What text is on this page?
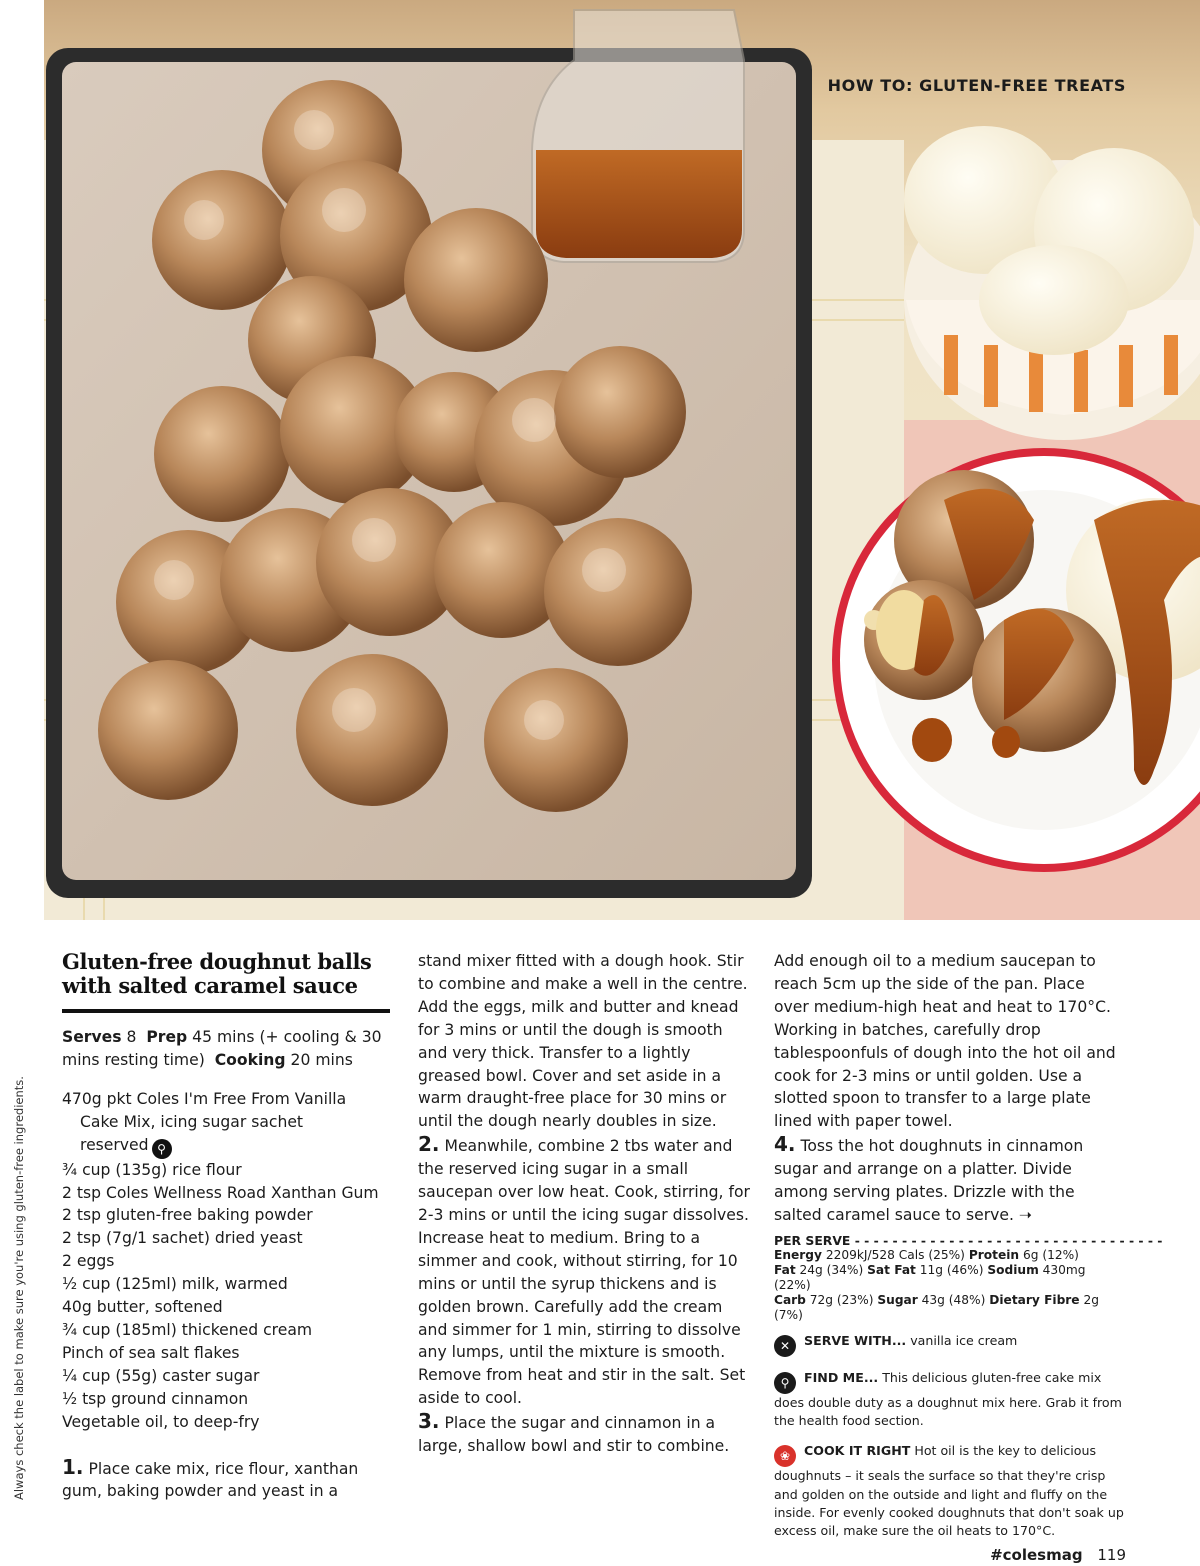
HOW TO: GLUTEN-FREE TREATS
Always check the label to make sure you're using gluten-free ingredients.
Gluten-free doughnut balls
with salted caramel sauce
Serves 8 Prep 45 mins (+ cooling & 30 mins resting time) Cooking 20 mins
470g pkt Coles I'm Free From Vanilla
Cake Mix, icing sugar sachet
reserved ⚲
¾ cup (135g) rice flour
2 tsp Coles Wellness Road Xanthan Gum
2 tsp gluten-free baking powder
2 tsp (7g/1 sachet) dried yeast
2 eggs
½ cup (125ml) milk, warmed
40g butter, softened
¾ cup (185ml) thickened cream
Pinch of sea salt flakes
¼ cup (55g) caster sugar
½ tsp ground cinnamon
Vegetable oil, to deep-fry

1. Place cake mix, rice flour, xanthan gum, baking powder and yeast in a

stand mixer fitted with a dough hook. Stir to combine and make a well in the centre. Add the eggs, milk and butter and knead for 3 mins or until the dough is smooth and very thick. Transfer to a lightly greased bowl. Cover and set aside in a warm draught-free place for 30 mins or until the dough nearly doubles in size.

2. Meanwhile, combine 2 tbs water and the reserved icing sugar in a small saucepan over low heat. Cook, stirring, for 2-3 mins or until the icing sugar dissolves. Increase heat to medium. Bring to a simmer and cook, without stirring, for 10 mins or until the syrup thickens and is golden brown. Carefully add the cream and simmer for 1 min, stirring to dissolve any lumps, until the mixture is smooth. Remove from heat and stir in the salt. Set aside to cool.

3. Place the sugar and cinnamon in a large, shallow bowl and stir to combine.

Add enough oil to a medium saucepan to reach 5cm up the side of the pan. Place over medium-high heat and heat to 170°C. Working in batches, carefully drop tablespoonfuls of dough into the hot oil and cook for 2-3 mins or until golden. Use a slotted spoon to transfer to a large plate lined with paper towel.

4. Toss the hot doughnuts in cinnamon sugar and arrange on a platter. Divide among serving plates. Drizzle with the salted caramel sauce to serve. ➝

PER SERVE - - - - - - - - - - - - - - - - - - - - - - - - - - - - - - - - -
Energy 2209kJ/528 Cals (25%) Protein 6g (12%)
Fat 24g (34%) Sat Fat 11g (46%) Sodium 430mg (22%)
Carb 72g (23%) Sugar 43g (48%) Dietary Fibre 2g (7%)
✕ SERVE WITH... vanilla ice cream
⚲ FIND ME... This delicious gluten-free cake mix does double duty as a doughnut mix here. Grab it from the health food section.
❀ COOK IT RIGHT Hot oil is the key to delicious doughnuts – it seals the surface so that they're crisp and golden on the outside and light and fluffy on the inside. For evenly cooked doughnuts that don't soak up excess oil, make sure the oil heats to 170°C.
#colesmag 119
